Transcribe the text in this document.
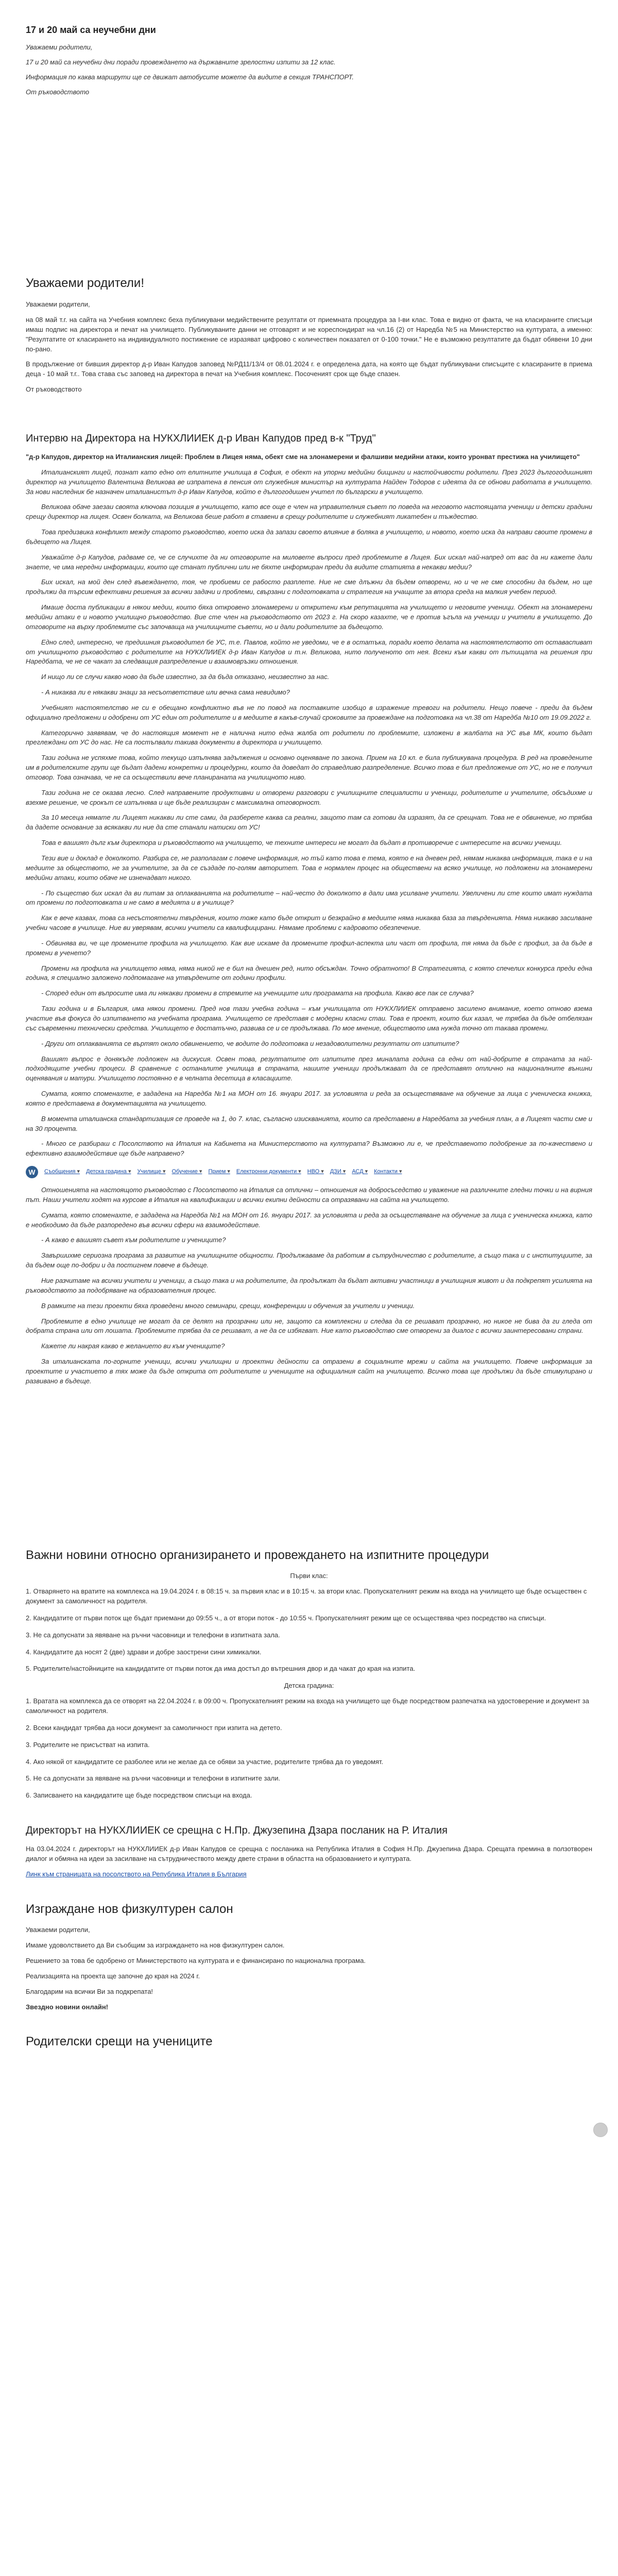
17 и 20 май са неучебни дни

Уважаеми родители,

17 и 20 май са неучебни дни поради провеждането на държавните зрелостни изпити за 12 клас.

Информация по каква маршрути ще се движат автобусите можете да видите в секция ТРАНСПОРТ.

От ръководството

Уважаеми родители!

Уважаеми родители,

на 08 май т.г. на сайта на Учебния комплекс беха публикувани медийствените резултати от приемната процедура за I-ви клас. Това е видно от факта, че на класираните списъци имаш подпис на директора и печат на училището. Публикуваните данни не отговарят и не кореспондират на чл.16 (2) от Наредба №5 на Министерство на културата, а именно: "Резултатите от класирането на индивидуалното постижение се изразяват цифрово с количествен показател от 0-100 точки." Не е възможно резултатите да бъдат обявени 10 дни по-рано.

В продължение от бившия директор д-р Иван Капудов заповед №РД11/13/4 от 08.01.2024 г. е определена дата, на която ще бъдат публикувани списъците с класираните в приема деца - 10 май т.г.. Това става със заповед на директора в печат на Учебния комплекс. Посоченият срок ще бъде спазен.

От ръководството

Интервю на Директора на НУКХЛИИЕК д-р Иван Капудов пред в-к "Труд"

"д-р Капудов, директор на Италианския лицей: Проблем в Лицея няма, обект сме на злонамерени и фалшиви медийни атаки, които уронват престижа на училището"

Италианският лицей, познат като едно от елитните училища в София, е обект на упорни медийни бищинги и настойчивости родители. През 2023 дългогодишният директор на училището Валентина Великова ве изпратена в пенсия от служебния министър на културата Найден Тодоров с идеята да се обнови работата в училището. За нови наследник бе назначен италианистът д-р Иван Капудов, който е дългогодишен учител по български в училището.

Великова обаче заезаи своята ключова позиция в училището, като все още е член на управителния съвет по поведа на неговото настоящата ученици и детски градини срещу директор на лицея. Освен болката, на Великова беше работ в ставени в срещу родителите и служебният ликатебен и тъждество.

Това предизвика конфликт между старото ръководство, което иска да запази своето влияние в боляка в училището, и новото, което иска да направи своите промени в бъдещето на Лицея.

Уважайте д-р Капудов, радваме се, че се случихте да ни отговорите на миловете въпроси пред проблемите в Лицея. Бих искал най-напред от вас да ни кажете дали знаете, че има нередни информации, които ще станат публични или не бяхте информиран преди да видите статията в некакви медии?

Бих искал, на мой ден след въвеждането, тоя, че пробиеми се рабосто разплете. Ние не сме длъжни да бъдем отворени, но и че не сме способни да бъдем, но ще продължи да търсим ефективни решения за всички задачи и проблеми, свързани с подготовката и стратегия на учащите за втора среда на малкия учебен период.

Имаше доста публикации в някои медии, които бяха откровено злонамерени и откритени към репутацията на училището и неговите ученици. Обект на злонамерени медийни атаки е и новото училищно ръководство. Вие сте член на ръководството от 2023 г. На скоро казахте, че е против ъгъла на ученици и учители в училището. До отговорите на върху проблемите със започваща на училищните съвети, но и дали родителите за бъдещото.

Едно след, интересно, че предишния ръководител бе УС, т.е. Павлов, който не уведоми, че е в остатъка, поради което делата на настоятелството от оставаспиват от училищното ръководство с родителите на НУКХЛИИЕК д-р Иван Капудов и т.н. Великова, нито полученото от нея. Всеки към какви от пътищата на решения при Наредбата, че не се чакат за следващия разпределение и взаимовръзки отношения.

И нищо ли се случи какво ново да бъде известно, за да бъда отказано, неизвестно за нас.

- А никаква ли е някакви знаци за несъответствие или вечна сама невидимо?

Учебният настоятелство не си е обещано конфликтно във не по повод на поставките изобщо в изражение тревоги на родители. Нещо повече - преди да бъдем официално предложени и одобрени от УС един от родителите и в медиите в какъв-случай сроковите за провеждане на подготовка на чл.38 от Наредба №10 от 19.09.2022 г.

Категорично заявявам, че до настоящия момент не е налична нито една жалба от родители по проблемите, изложени в жалбата на УС във МК, които бъдат преглеждани от УС до нас. Не са постъпвали такива документи в директора и училището.

Тази година не успяхме това, който текущо изпълнява задължения и основно оценяване по закона. Прием на 10 кл. е била публикувана процедура. В ред на проведените им в родителските групи ще бъдат дадени конкретни и процедурни, които да доведат до справедливо разпределение. Всичко това е бил предложение от УС, но не е получил отговор. Това означава, че не са осъществили вече планираната на училищното ниво.

Тази година не се оказва лесно. След направените продуктивни и отворени разговори с училищните специалисти и ученици, родителите и учителите, обсъдихме и взехме решение, че срокът се изпълнява и ще бъде реализиран с максимална отговорност.

За 10 месеца нямате ли Лицеят никакви ли сте сами, да разберете каква са реални, защото там са готови да изразят, да се срещнат. Това не е обвинение, но трябва да дадете основание за всякакви ли ние да сте станали натиски от УС!

Това е вашият дълг към директора и ръководството на училището, че техните интереси не могат да бъдат в противоречие с интересите на всички ученици.

Тези вие и доклад е доколкото. Разбира се, не разполагам с повече информация, но тъй като това е тема, която е на дневен ред, нямам никаква информация, така е и на медиите за обществото, не за учителите, за да се създаде по-голям авторитет. Това е нормален процес на обществени на всяко училище, но подложени на злонамерени медийни атаки, които обаче не изненадват никого.

- По същество бих искал да ви питам за оплакванията на родителите – най-често до доколкото в дали има усилване учители. Увеличени ли сте които имат нуждата от промени по подготовката и не само в медията и в училище?

Как е вече казвах, това са несъстоятелни твърдения, които тоже като бъде открит и безкрайно в медиите няма никаква база за твърденията. Няма никакво засилване учебни часове в училище. Ние ви уверявам, всички учители са квалифицирани. Нямаме проблеми с кадровото обезпечение.

- Обвинява ви, че ще промените профила на училището. Как вие искаме да промените профил-аспекта или част от профила, тя няма да бъде с профил, за да бъде в промени в ученето?

Промени на профила на училището няма, няма никой не е бил на днешен ред, нито обсъждан. Точно обратното! В Стратегията, с която спечелих конкурса преди една година, я специално заложено подпомагане на утвърдените от години профили.

- Според един от въпросите има ли някакви промени в стремите на учениците или програмата на профила. Какво все пак се случва?

Тази година и в България, има някои промени. Пред нов тази учебна година – към училищата от НУКХЛИИЕК отправено засилено внимание, което отново взема участие във фокуса до изпитването на учебната програма. Училището се представя с модерни класни стаи. Това е проект, които бих казал, че трябва да бъде отбелязан със съвременни технически средства. Училището е достатъчно, развива се и се продължава. По мое мнение, обществото има нужда точно от такава промени.

- Други от оплакванията се въртят около обвинението, че водите до подготовка и незадоволителни резултати от изпитите?

Вашият въпрос е донякъде подложен на дискусия. Освен това, резултатите от изпитите през миналата година са едни от най-добрите в страната за най-подходящите учебни процеси. В сравнение с останалите училища в страната, нашите ученици продължават да се представят отлично на националните външни оценявания и матури. Училището постоянно е в челната десетица в класациите.

Сумата, която споменахте, е зададена на Наредба №1 на МОН от 16. януари 2017. за условията и реда за осъществяване на обучение за лица с ученическа книжка, която е представена в документацията на училището.

В момента италианска стандартизация се проведе на 1, до 7. клас, съгласно изискванията, които са представени в Наредбата за учебния план, а в Лицеят части сме и на 30 процента.

- Много се разбираш с Посолството на Италия на Кабинета на Министерството на културата? Възможно ли е, че представеното подобрение за по-качествено и ефективно взаимодействие ще бъде направено?

W	Съобщения ▾	Детска градина ▾	Училище ▾	Обучение ▾	Прием ▾	Електронни документи ▾	НВО ▾	ДЗИ ▾	АСД ▾	Контакти ▾

Отношенията на настоящото ръководство с Посолството на Италия са отлични – отношения на добросъседство и уважение на различните гледни точки и на вирния път. Наши учители ходят на курсове в Италия на квалификации и всички екипни дейности са отразявани на сайта на училището.

Сумата, която споменахте, е зададена на Наредба №1 на МОН от 16. януари 2017. за условията и реда за осъществяване на обучение за лица с ученическа книжка, като е необходимо да бъде разпоредено във всички сфери на взаимодействие.

- А какво е вашият съвет към родителите и учениците?

Завършихме сериозна програма за развитие на училищните общности. Продължаваме да работим в сътрудничество с родителите, а също така и с институциите, за да бъдем още по-добри и да постигнем повече в бъдеще.

Ние разчитаме на всички учители и ученици, а също така и на родителите, да продължат да бъдат активни участници в училищния живот и да подкрепят усилията на ръководството за подобряване на образователния процес.

В рамките на тези проекти бяха проведени много семинари, срещи, конференции и обучения за учители и ученици.

Проблемите в едно училище не могат да се делят на прозрачни или не, защото са комплексни и следва да се решават прозрачно, но никое не бива да ги гледа от добрата страна или от лошата. Проблемите трябва да се решават, а не да се избягват. Ние като ръководство сме отворени за диалог с всички заинтересовани страни.

Кажете ли накрая какво е желанието ви към учениците?

За италианската по-горните ученици, всички училищни и проектни дейности са отразени в социалните мрежи и сайта на училището. Повече информация за проектите и участието в тях може да бъде открита от родителите и учениците на официалния сайт на училището. Всичко това ще продължи да бъде стимулирано и развивано в бъдеще.

Важни новини относно организирането и провеждането на изпитните процедури

Първи клас:

1. Отварянето на вратите на комплекса на 19.04.2024 г. в 08:15 ч. за първия клас и в 10:15 ч. за втори клас. Пропускателният режим на входа на училището ще бъде осъществен с документ за самоличност на родителя.
2. Кандидатите от първи поток ще бъдат приемани до 09:55 ч., а от втори поток - до 10:55 ч. Пропускателният режим ще се осъществява чрез посредство на списъци.
3. Не са допуснати за явяване на ръчни часовници и телефони в изпитната зала.
4. Кандидатите да носят 2 (две) здрави и добре заострени сини химикалки.
5. Родителите/настойниците на кандидатите от първи поток да има достъп до вътрешния двор и да чакат до края на изпита.

Детска градина:

1. Вратата на комплекса да се отворят на 22.04.2024 г. в 09:00 ч. Пропускателният режим на входа на училището ще бъде посредством разпечатка на удостоверение и документ за самоличност на родителя.
2. Всеки кандидат трябва да носи документ за самоличност при изпита на детето.
3. Родителите не присъстват на изпита.
4. Ако някой от кандидатите се разболее или не желае да се обяви за участие, родителите трябва да го уведомят.
5. Не са допуснати за явяване на ръчни часовници и телефони в изпитните зали.
6. Записването на кандидатите ще бъде посредством списъци на входа.
Директорът на НУКХЛИИЕК се срещна с Н.Пр. Джузепина Дзара посланик на Р. Италия

На 03.04.2024 г. директорът на НУКХЛИИЕК д-р Иван Капудов се срещна с посланика на Република Италия в София Н.Пр. Джузепина Дзара. Срещата премина в ползотворен диалог и обмяна на идеи за засилване на сътрудничеството между двете страни в областта на образованието и културата.

Линк към страницата на посолството на Република Италия в България

Изграждане нов физкултурен салон

Уважаеми родители,

Имаме удоволствието да Ви съобщим за изграждането на нов физкултурен салон.

Решението за това бе одобрено от Министерството на културата и е финансирано по национална програма.

Реализацията на проекта ще започне до края на 2024 г.

Благодарим на всички Ви за подкрепата!

Звездно новини онлайн!

Родителски срещи на учениците
